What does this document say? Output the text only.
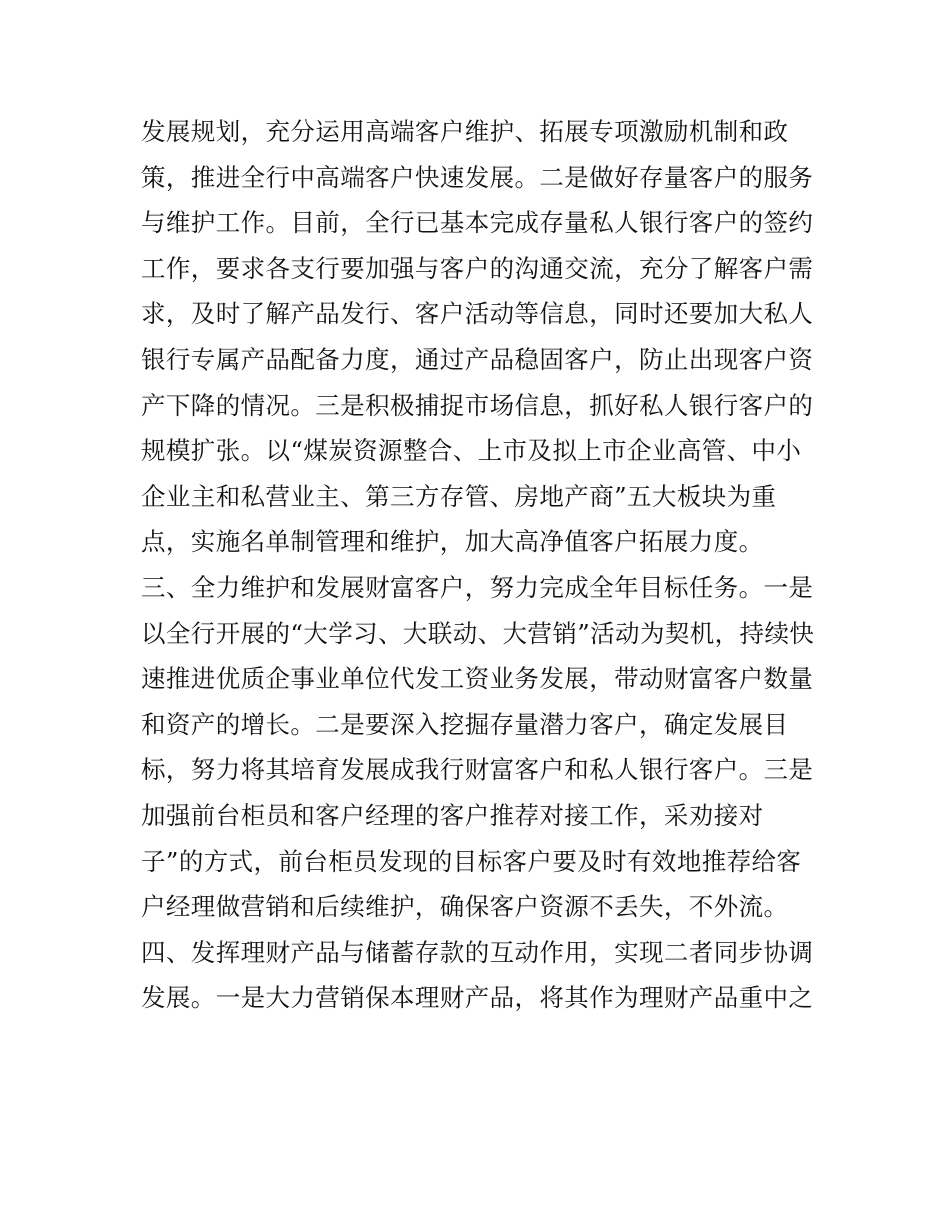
发展规划，充分运用高端客户维护、拓展专项激励机制和政
策，推进全行中高端客户快速发展。二是做好存量客户的服务
与维护工作。目前，全行已基本完成存量私人银行客户的签约
工作，要求各支行要加强与客户的沟通交流，充分了解客户需
求，及时了解产品发行、客户活动等信息，同时还要加大私人
银行专属产品配备力度，通过产品稳固客户，防止出现客户资
产下降的情况。三是积极捕捉市场信息，抓好私人银行客户的
规模扩张。以“煤炭资源整合、上市及拟上市企业高管、中小
企业主和私营业主、第三方存管、房地产商”五大板块为重
点，实施名单制管理和维护，加大高净值客户拓展力度。
三、全力维护和发展财富客户，努力完成全年目标任务。一是
以全行开展的“大学习、大联动、大营销”活动为契机，持续快
速推进优质企事业单位代发工资业务发展，带动财富客户数量
和资产的增长。二是要深入挖掘存量潜力客户，确定发展目
标，努力将其培育发展成我行财富客户和私人银行客户。三是
加强前台柜员和客户经理的客户推荐对接工作，采劝接对
子”的方式，前台柜员发现的目标客户要及时有效地推荐给客
户经理做营销和后续维护，确保客户资源不丢失，不外流。
四、发挥理财产品与储蓄存款的互动作用，实现二者同步协调
发展。一是大力营销保本理财产品，将其作为理财产品重中之
